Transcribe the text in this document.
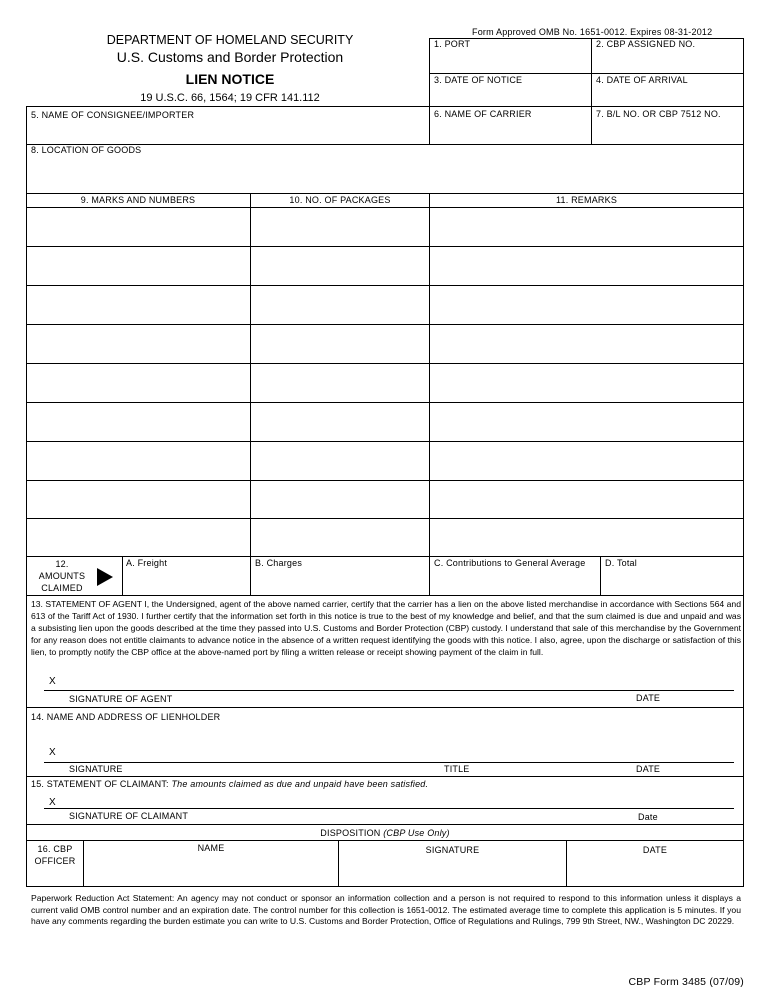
Form Approved OMB No. 1651-0012. Expires 08-31-2012
DEPARTMENT OF HOMELAND SECURITY
U.S. Customs and Border Protection
LIEN NOTICE
19 U.S.C. 66, 1564; 19 CFR 141.112
1. PORT	2. CBP ASSIGNED NO.
3. DATE OF NOTICE	4. DATE OF ARRIVAL
5. NAME OF CONSIGNEE/IMPORTER	6. NAME OF CARRIER	7. B/L NO. OR CBP 7512 NO.
8. LOCATION OF GOODS
9. MARKS AND NUMBERS	10. NO. OF PACKAGES	11. REMARKS
12.
AMOUNTS
CLAIMED
A. Freight	B. Charges	C. Contributions to General Average D. Total
13. STATEMENT OF AGENT I, the Undersigned, agent of the above named carrier, certify that the carrier has a lien on the above listed merchandise in accordance with Sections 564 and 613 of the Tariff Act of 1930. I further certify that the information set forth in this notice is true to the best of my knowledge and belief, and that the sum claimed is due and unpaid and was a subsisting lien upon the goods described at the time they passed into U.S. Customs and Border Protection (CBP) custody. I understand that sale of this merchandise by the Government for any reason does not entitle claimants to advance notice in the absence of a written request identifying the goods with this notice. I also, agree, upon the discharge or satisfaction of this lien, to promptly notify the CBP office at the above-named port by filing a written release or receipt showing payment of the claim in full.
X
SIGNATURE OF AGENT	DATE
14. NAME AND ADDRESS OF LIENHOLDER
X
SIGNATURE	TITLE	DATE
15. STATEMENT OF CLAIMANT: The amounts claimed as due and unpaid have been satisfied.
X
SIGNATURE OF CLAIMANT	Date
DISPOSITION (CBP Use Only)
16. CBP
OFFICER
NAME	SIGNATURE	DATE
Paperwork Reduction Act Statement: An agency may not conduct or sponsor an information collection and a person is not required to respond to this information unless it displays a current valid OMB control number and an expiration date. The control number for this collection is 1651-0012. The estimated average time to complete this application is 5 minutes. If you have any comments regarding the burden estimate you can write to U.S. Customs and Border Protection, Office of Regulations and Rulings, 799 9th Street, NW., Washington DC 20229.
CBP Form 3485 (07/09)
